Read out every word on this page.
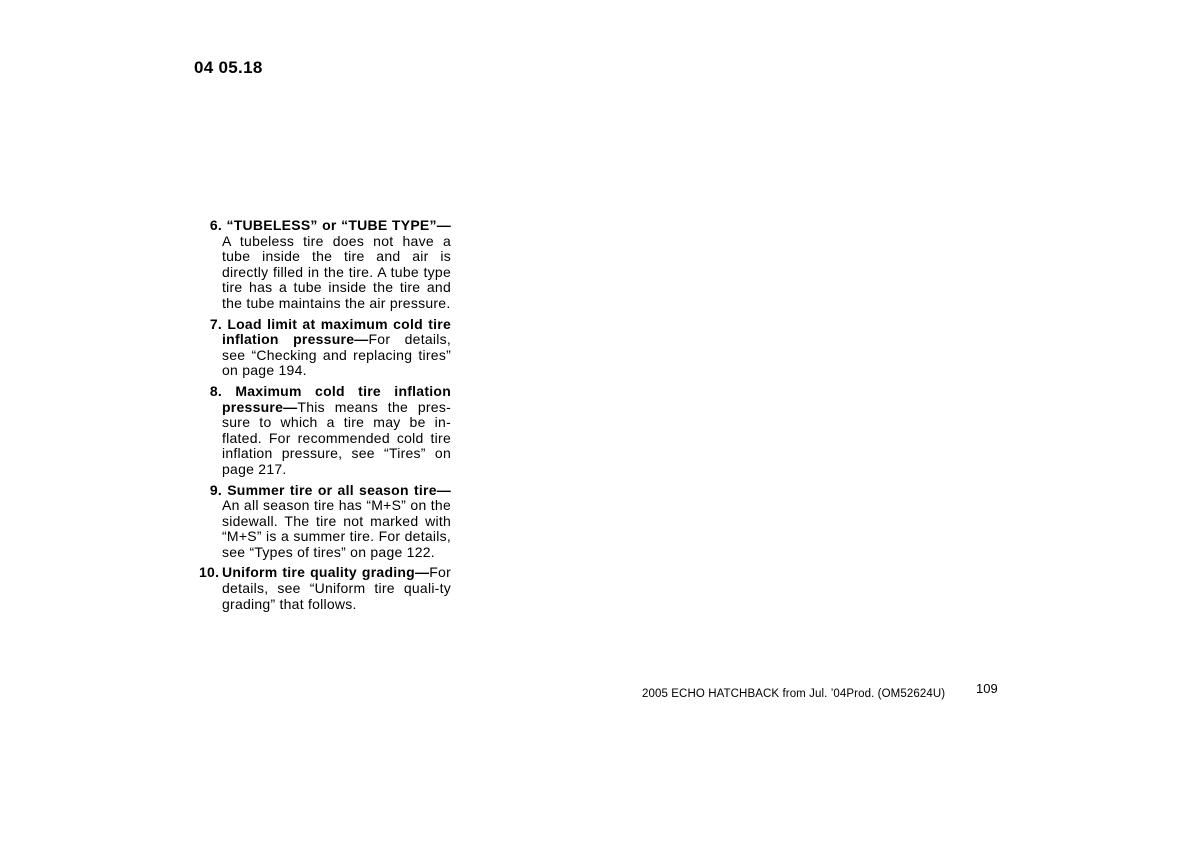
04 05.18
6. “TUBELESS” or “TUBE TYPE”—A tubeless tire does not have a tube inside the tire and air is directly filled in the tire. A tube type tire has a tube inside the tire and the tube maintains the air pressure.
7. Load limit at maximum cold tire inflation pressure—For details, see “Checking and replacing tires” on page 194.
8. Maximum cold tire inflation pressure—This means the pres-sure to which a tire may be in-flated. For recommended cold tire inflation pressure, see “Tires” on page 217.
9. Summer tire or all season tire—An all season tire has “M+S” on the sidewall. The tire not marked with “M+S” is a summer tire. For details, see “Types of tires” on page 122.
10. Uniform tire quality grading—For details, see “Uniform tire quali-ty grading” that follows.
2005 ECHO HATCHBACK from Jul. ’04Prod. (OM52624U) 109
